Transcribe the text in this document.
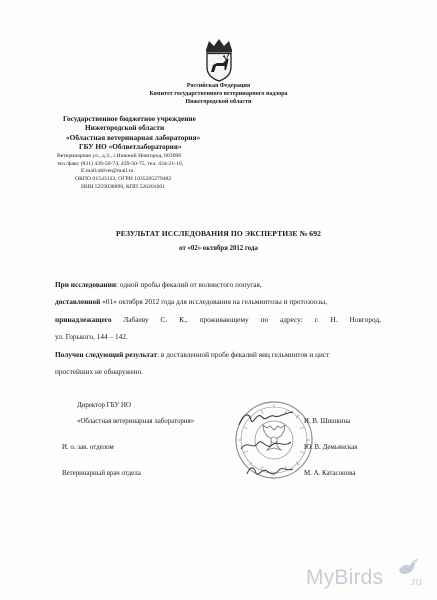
Российская Федерация
Комитет государственного ветеринарного надзора
Нижегородской области
Государственное бюджетное учреждение
Нижегородской области
«Областная ветеринарная лаборатория»
ГБУ НО «Облветлаборатория»
Ветеринарная ул., д.3., г.Нижний Новгород, 603098
тел./факс (831) 439-50-74, 439-50-75, тел. 434-21-16,
E.mail:oblvet@mail.ru
ОКПО 01543122, ОГРН 1035205279482
ИНН 5259038890, КПП 526201001
РЕЗУЛЬТАТ ИССЛЕДОВАНИЯ ПО ЭКСПЕРТИЗЕ № 692
от «02» октября 2012 года
При исследовании: одной пробы фекалий от волнистого попугая,
доставленной «01» октября 2012 года для исследования на гельминтозы и протозоозы,
принадлежащего Лабаеву С. К., проживающему по адресу: г. Н. Новгород,
ул. Горького, 144 – 142.
Получен следующий результат: в доставленной пробе фекалий яиц гельминтов и цист
простейших не обнаружено.
Директор ГБУ НО
«Областная ветеринарная лаборатория»	И. В. Шишкина
И. о. зав. отделом	Ю. В. Демьянская
Ветеринарный врач отдела	М. А. Катасонова
MyBirds .ru
